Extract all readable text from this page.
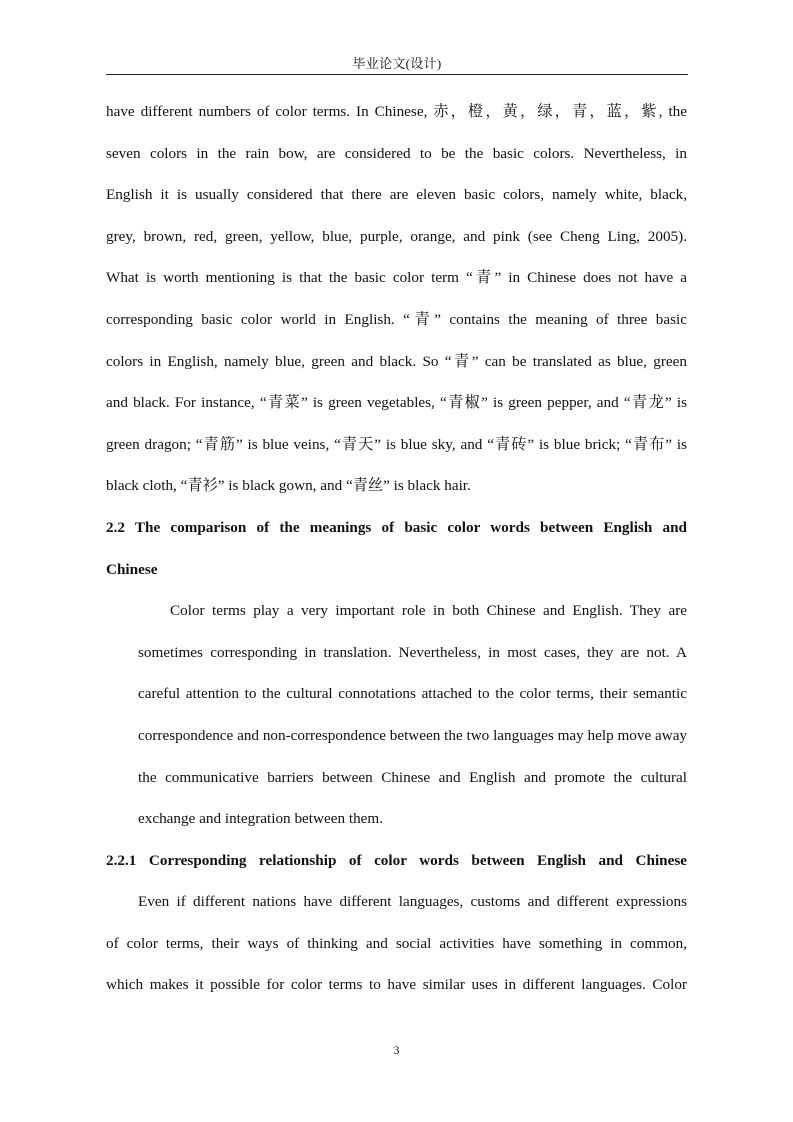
毕业论文(设计)

have different numbers of color terms. In Chinese, 赤，橙，黄，绿，青，蓝，紫, the
seven colors in the rain bow, are considered to be the basic colors. Nevertheless, in
English it is usually considered that there are eleven basic colors, namely white, black,
grey, brown, red, green, yellow, blue, purple, orange, and pink (see Cheng Ling, 2005).
What is worth mentioning is that the basic color term “青” in Chinese does not have a
corresponding basic color world in English. “青” contains the meaning of three basic
colors in English, namely blue, green and black. So “青” can be translated as blue, green
and black. For instance, “青菜” is green vegetables, “青椒” is green pepper, and “青龙” is
green dragon; “青筋” is blue veins, “青天” is blue sky, and “青砖” is blue brick; “青布” is
black cloth, “青衫” is black gown, and “青丝” is black hair.

2.2 The comparison of the meanings of basic color words between English and
Chinese

Color terms play a very important role in both Chinese and English. They are
sometimes corresponding in translation. Nevertheless, in most cases, they are not. A
careful attention to the cultural connotations attached to the color terms, their semantic
correspondence and non-correspondence between the two languages may help move away
the communicative barriers between Chinese and English and promote the cultural
exchange and integration between them.

2.2.1 Corresponding relationship of color words between English and Chinese

Even if different nations have different languages, customs and different expressions
of color terms, their ways of thinking and social activities have something in common,
which makes it possible for color terms to have similar uses in different languages. Color

3
